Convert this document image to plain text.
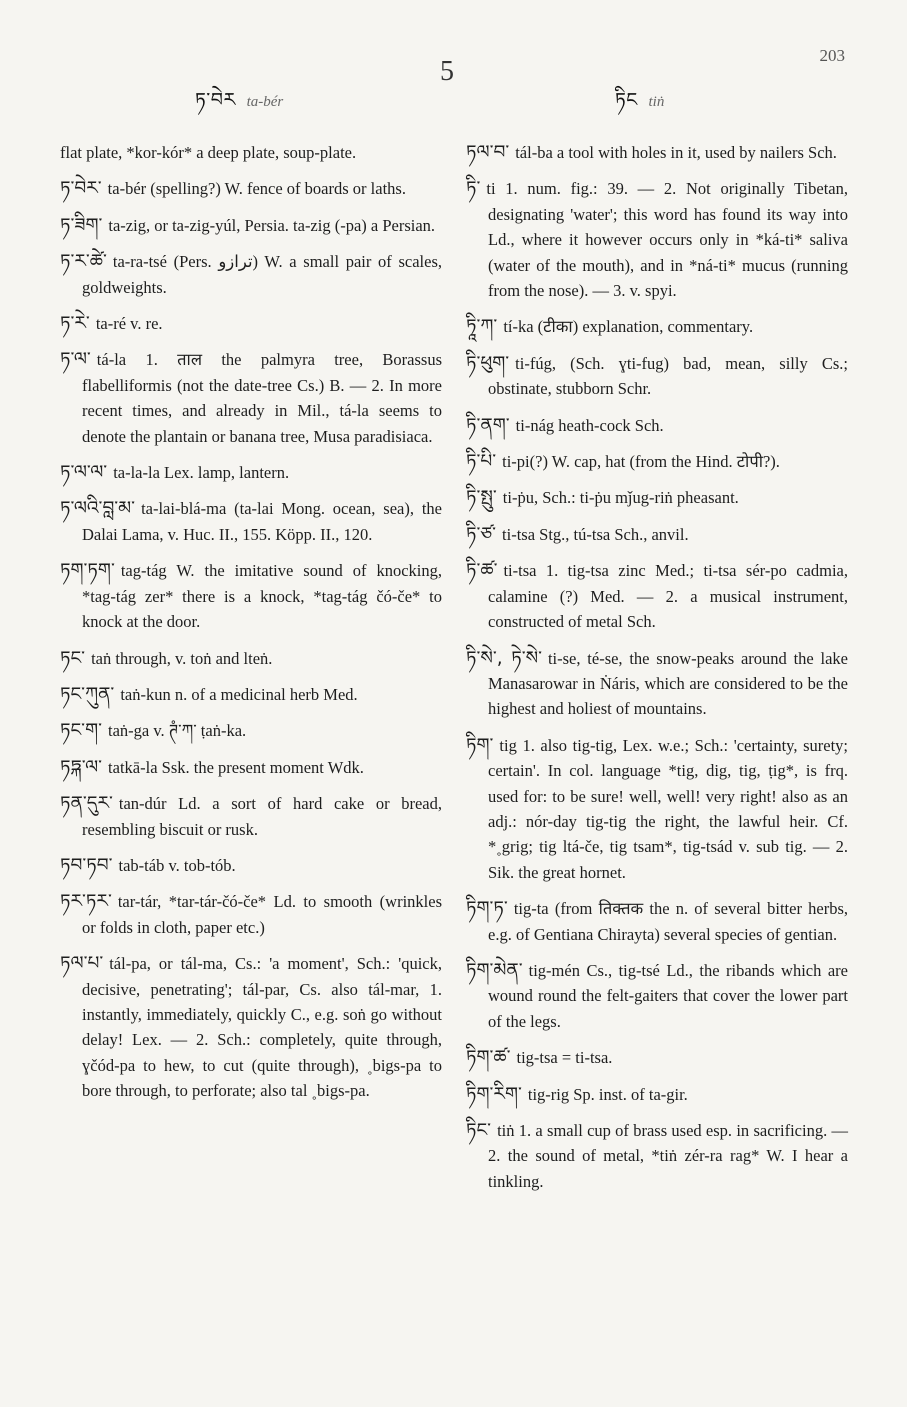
203
5
ཏ་བེར ta-bér	ཏིང tiṅ

flat plate, *kor-kór* a deep plate, soup-plate.

ཏ་བེར་ ta-bér (spelling?) W. fence of boards or laths.

ཏ་ཟིག་ ta-zig, or ta-zig-yúl, Persia. ta-zig (-pa) a Persian.

ཏ་ར་ཚེ་ ta-ra-tsé (Pers. ترازو) W. a small pair of scales, goldweights.

ཏ་རེ་ ta-ré v. re.

ཏ་ལ་ tá-la 1. ताल the palmyra tree, Borassus flabelliformis (not the date-tree Cs.) B. — 2. In more recent times, and already in Mil., tá-la seems to denote the plantain or banana tree, Musa paradisiaca.

ཏ་ལ་ལ་ ta-la-la Lex. lamp, lantern.

ཏ་ལའི་བླ་མ་ ta-lai-blá-ma (ta-lai Mong. ocean, sea), the Dalai Lama, v. Huc. II., 155. Köpp. II., 120.

ཏག་ཏག་ tag-tág W. the imitative sound of knocking, *tag-tág zer* there is a knock, *tag-tág čó-če* to knock at the door.

ཏང་ taṅ through, v. toṅ and lteṅ.

ཏང་ཀུན་ taṅ-kun n. of a medicinal herb Med.

ཏང་ག་ taṅ-ga v. ཊཾ་ཀ་ ṭaṅ-ka.

ཏཏྐ་ལ་ tatkā-la Ssk. the present moment Wdk.

ཏན་དུར་ tan-dúr Ld. a sort of hard cake or bread, resembling biscuit or rusk.

ཏབ་ཏབ་ tab-táb v. tob-tób.

ཏར་ཏར་ tar-tár, *tar-tár-čó-če* Ld. to smooth (wrinkles or folds in cloth, paper etc.)

ཏལ་པ་ tál-pa, or tál-ma, Cs.: 'a moment', Sch.: 'quick, decisive, penetrating'; tál-par, Cs. also tál-mar, 1. instantly, immediately, quickly C., e.g. soṅ go without delay! Lex. — 2. Sch.: completely, quite through, ɣčód-pa to hew, to cut (quite through), ˳bigs-pa to bore through, to perforate; also tal ˳bigs-pa.

ཏལ་བ་ tál-ba a tool with holes in it, used by nailers Sch.

ཏི་ ti 1. num. fig.: 39. — 2. Not originally Tibetan, designating 'water'; this word has found its way into Ld., where it however occurs only in *ká-ti* saliva (water of the mouth), and in *ná-ti* mucus (running from the nose). — 3. v. spyi.

ཏཱི་ཀ་ tí-ka (टीका) explanation, commentary.

ཏི་ཕུག་ ti-fúg, (Sch. ɣti-fug) bad, mean, silly Cs.; obstinate, stubborn Schr.

ཏི་ནག་ ti-nág heath-cock Sch.

ཏི་པི་ ti-pi(?) W. cap, hat (from the Hind. टोपी?).

ཏི་སྤུ་ ti-ṗu, Sch.: ti-ṗu mǰug-riṅ pheasant.

ཏི་ཙ་ ti-tsa Stg., tú-tsa Sch., anvil.

ཏི་ཚ་ ti-tsa 1. tig-tsa zinc Med.; ti-tsa sér-po cadmia, calamine (?) Med. — 2. a musical instrument, constructed of metal Sch.

ཏི་སེ་, ཏེ་སེ་ ti-se, té-se, the snow-peaks around the lake Manasarowar in Ṅáris, which are considered to be the highest and holiest of mountains.

ཏིག་ tig 1. also tig-tig, Lex. w.e.; Sch.: 'certainty, surety; certain'. In col. language *tig, dig, tig, ṭig*, is frq. used for: to be sure! well, well! very right! also as an adj.: nór-day tig-tig the right, the lawful heir. Cf. *˳grig; tig ltá-če, tig tsam*, tig-tsád v. sub tig. — 2. Sik. the great hornet.

ཏིག་ཏ་ tig-ta (from तिक्तक the n. of several bitter herbs, e.g. of Gentiana Chirayta) several species of gentian.

ཏིག་མེན་ tig-mén Cs., tig-tsé Ld., the ribands which are wound round the felt-gaiters that cover the lower part of the legs.

ཏིག་ཚ་ tig-tsa = ti-tsa.

ཏིག་རིག་ tig-rig Sp. inst. of ta-gir.

ཏིང་ tiṅ 1. a small cup of brass used esp. in sacrificing. — 2. the sound of metal, *tiṅ zér-ra rag* W. I hear a tinkling.
